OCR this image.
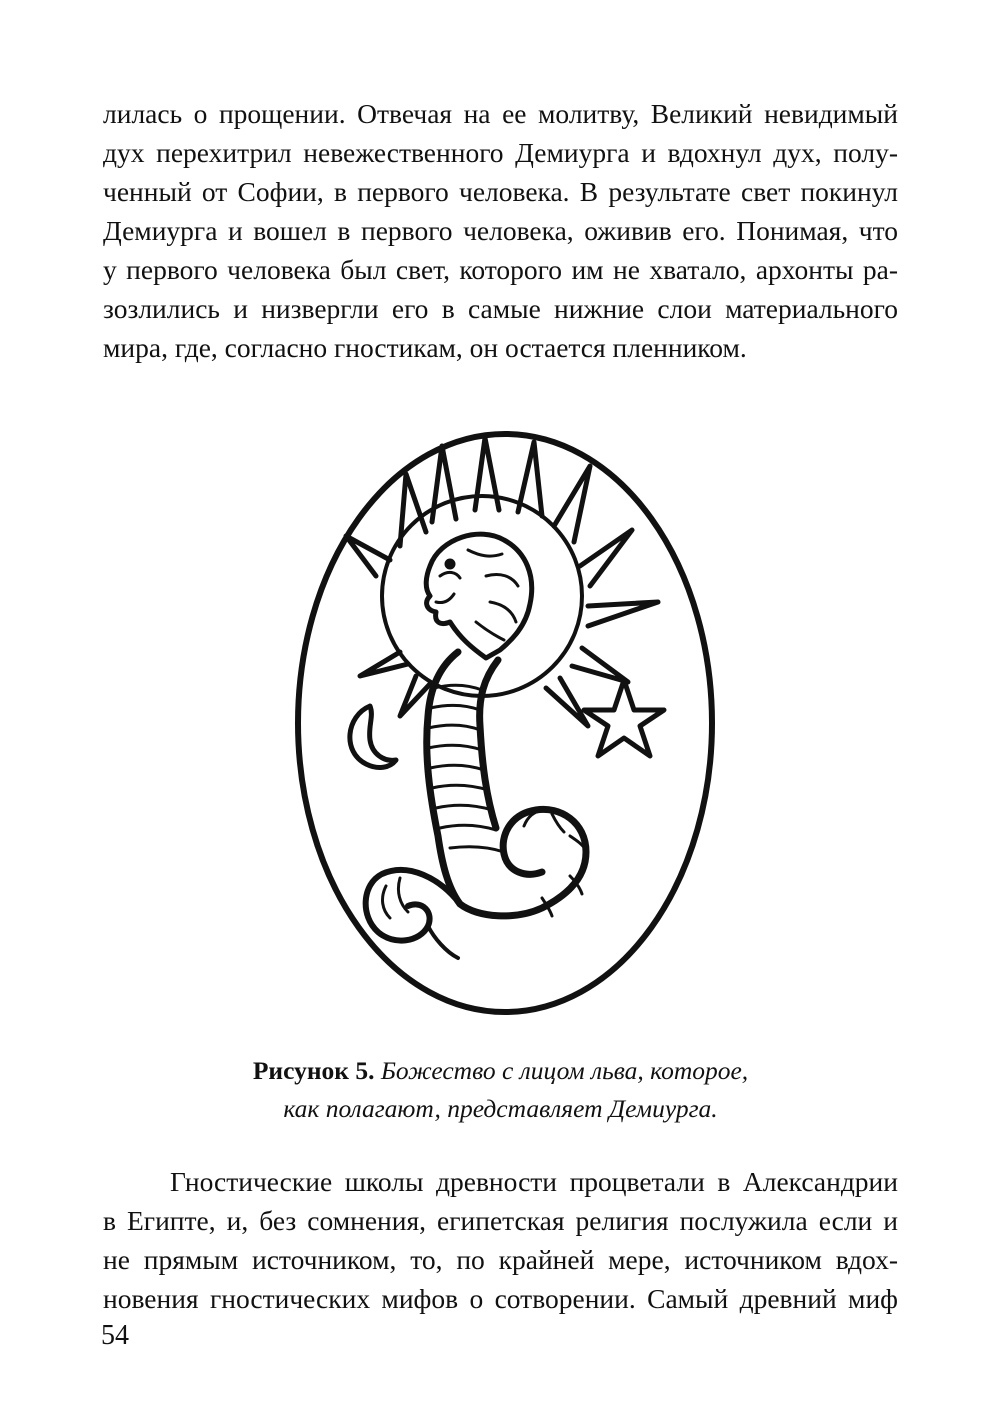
лилась о прощении. Отвечая на ее молитву, Великий невидимый
дух перехитрил невежественного Демиурга и вдохнул дух, полу-
ченный от Софии, в первого человека. В результате свет покинул
Демиурга и вошел в первого человека, оживив его. Понимая, что
у первого человека был свет, которого им не хватало, архонты ра-
зозлились и низвергли его в самые нижние слои материального
мира, где, согласно гностикам, он остается пленником.
Рисунок 5. Божество с лицом льва, которое,
как полагают, представляет Демиурга.
Гностические школы древности процветали в Александрии
в Египте, и, без сомнения, египетская религия послужила если и
не прямым источником, то, по крайней мере, источником вдох-
новения гностических мифов о сотворении. Самый древний миф
54
